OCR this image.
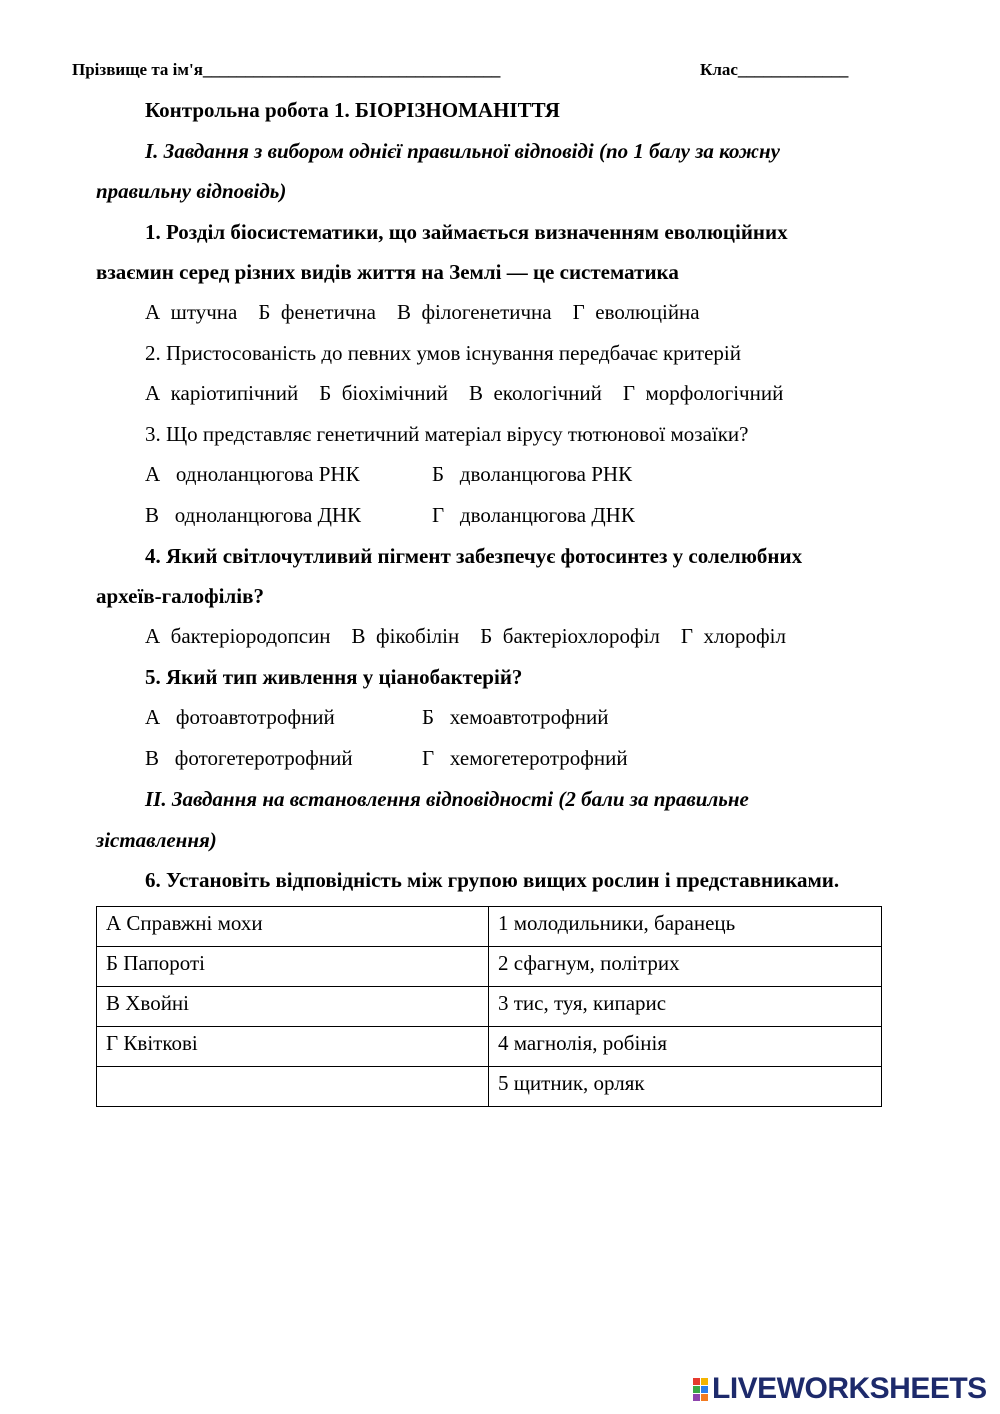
Прізвище та ім'я___________________________________	Клас_____________
Контрольна робота 1. БІОРІЗНОМАНІТТЯ
I. Завдання з вибором однієї правильної відповіді (по 1 балу за кожну
правильну відповідь)
1. Розділ біосистематики, що займається визначенням еволюційних
взаємин серед різних видів життя на Землі — це систематика
А  штучна    Б  фенетична    В  філогенетична    Г  еволюційна
2. Пристосованість до певних умов існування передбачає критерій
А  каріотипічний    Б  біохімічний    В  екологічний    Г  морфологічний
3. Що представляє генетичний матеріал вірусу тютюнової мозаїки?
А   одноланцюгова РНК	Б   дволанцюгова РНК
В   одноланцюгова ДНК	Г   дволанцюгова ДНК
4. Який світлочутливий пігмент забезпечує фотосинтез у солелюбних
археїв-галофілів?
А  бактеріородопсин    В  фікобілін    Б  бактеріохлорофіл    Г  хлорофіл
5. Який тип живлення у ціанобактерій?
А   фотоавтотрофний	Б   хемоавтотрофний
В   фотогетеротрофний	Г   хемогетеротрофний
II. Завдання на встановлення відповідності (2 бали за правильне
зіставлення)
6. Установіть відповідність між групою вищих рослин і представниками.
А Справжні мохи	1 молодильники, баранець
Б Папороті	2 сфагнум, політрих
В Хвойні	3 тис, туя, кипарис
Г Квіткові	4 магнолія, робінія
	5 щитник, орляк
LIVEWORKSHEETS
